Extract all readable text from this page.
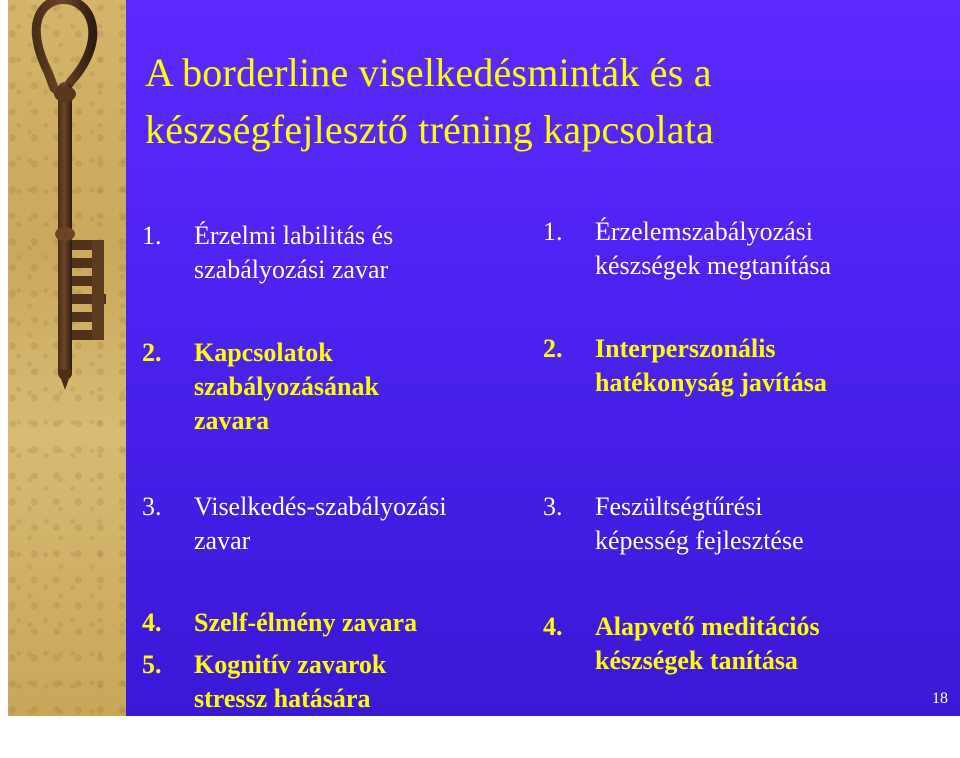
A borderline viselkedésminták és a
készségfejlesztő tréning kapcsolata
1.	Érzelmi labilitás és
szabályozási zavar
2.	Kapcsolatok
szabályozásának
zavara
3.	Viselkedés-szabályozási
zavar
4.	Szelf-élmény zavara
5.	Kognitív zavarok
stressz hatására
1.	Érzelemszabályozási
készségek megtanítása
2.	Interperszonális
hatékonyság javítása
3.	Feszültségtűrési
képesség fejlesztése
4.	Alapvető meditációs
készségek tanítása
18
